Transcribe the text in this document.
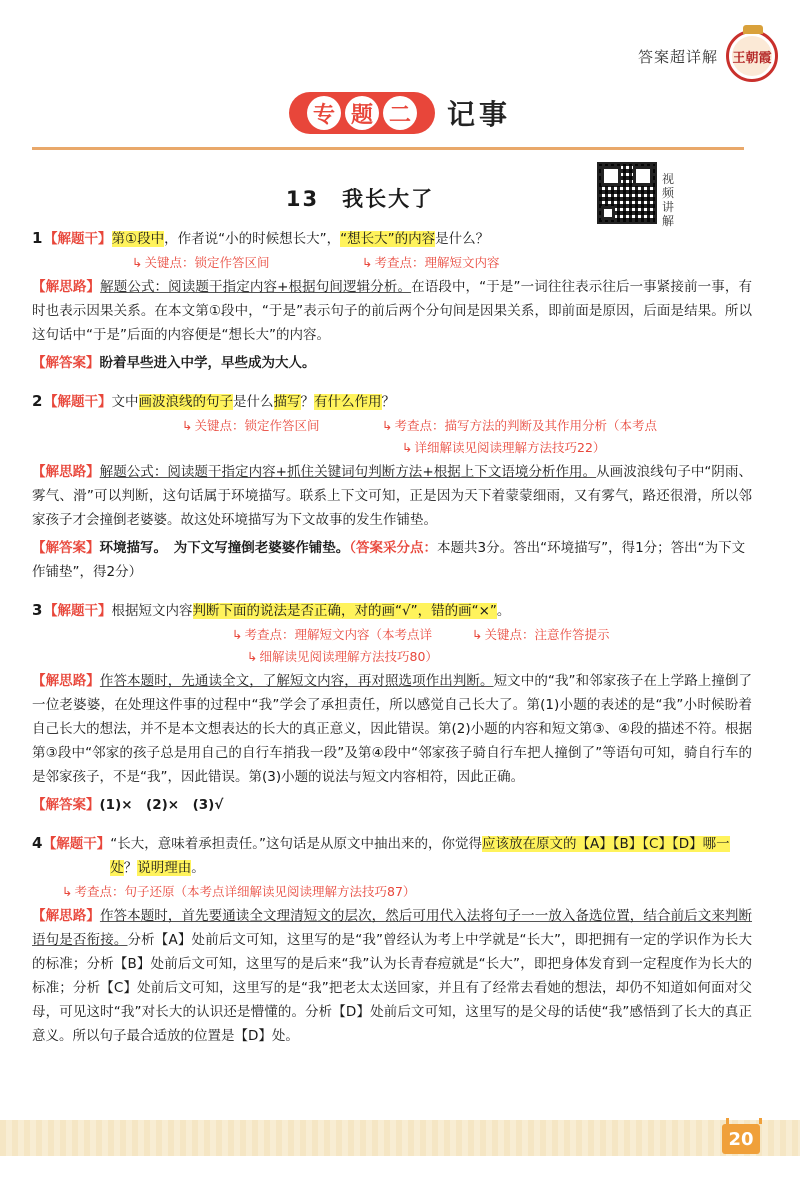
答案超详解 王朝霞
专 题 二 记事
13　我长大了
视频讲解
1 【解题干】 第①段中，作者说“小的时候想长大”，“想长大”的内容是什么？
↳ 关键点：锁定作答区间	↳ 考查点：理解短文内容
【解思路】解题公式：阅读题干指定内容+根据句间逻辑分析。在语段中，“于是”一词往往表示往后一事紧接前一事，有时也表示因果关系。在本文第①段中，“于是”表示句子的前后两个分句间是因果关系，即前面是原因，后面是结果。所以这句话中“于是”后面的内容便是“想长大”的内容。
【解答案】盼着早些进入中学，早些成为大人。
2 【解题干】 文中画波浪线的句子是什么描写？有什么作用？
↳ 关键点：锁定作答区间	↳ 考查点：描写方法的判断及其作用分析（本考点
↳ 详细解读见阅读理解方法技巧22）
【解思路】解题公式：阅读题干指定内容+抓住关键词句判断方法+根据上下文语境分析作用。从画波浪线句子中“阴雨、雾气、滑”可以判断，这句话属于环境描写。联系上下文可知，正是因为天下着蒙蒙细雨，又有雾气，路还很滑，所以邻家孩子才会撞倒老婆婆。故这处环境描写为下文故事的发生作铺垫。
【解答案】环境描写。　为下文写撞倒老婆婆作铺垫。（答案采分点：本题共3分。答出“环境描写”，得1分；答出“为下文作铺垫”，得2分）
3 【解题干】 根据短文内容判断下面的说法是否正确，对的画“√”，错的画“×”。
↳ 考查点：理解短文内容（本考点详	↳ 关键点：注意作答提示
↳ 细解读见阅读理解方法技巧80）
【解思路】作答本题时，先通读全文，了解短文内容，再对照选项作出判断。短文中的“我”和邻家孩子在上学路上撞倒了一位老婆婆，在处理这件事的过程中“我”学会了承担责任，所以感觉自己长大了。第(1)小题的表述的是“我”小时候盼着自己长大的想法，并不是本文想表达的长大的真正意义，因此错误。第(2)小题的内容和短文第③、④段的描述不符。根据第③段中“邻家的孩子总是用自己的自行车捎我一段”及第④段中“邻家孩子骑自行车把人撞倒了”等语句可知，骑自行车的是邻家孩子，不是“我”，因此错误。第(3)小题的说法与短文内容相符，因此正确。
【解答案】(1)×　(2)×　(3)√
4 【解题干】 “长大，意味着承担责任。”这句话是从原文中抽出来的，你觉得应该放在原文的【A】【B】【C】【D】哪一处？说明理由。
↳ 考查点：句子还原（本考点详细解读见阅读理解方法技巧87）
【解思路】作答本题时，首先要通读全文理清短文的层次，然后可用代入法将句子一一放入备选位置，结合前后文来判断语句是否衔接。分析【A】处前后文可知，这里写的是“我”曾经认为考上中学就是“长大”，即把拥有一定的学识作为长大的标准；分析【B】处前后文可知，这里写的是后来“我”认为长青春痘就是“长大”，即把身体发育到一定程度作为长大的标准；分析【C】处前后文可知，这里写的是“我”把老太太送回家，并且有了经常去看她的想法，却仍不知道如何面对父母，可见这时“我”对长大的认识还是懵懂的。分析【D】处前后文可知，这里写的是父母的话使“我”感悟到了长大的真正意义。所以句子最合适放的位置是【D】处。
20
